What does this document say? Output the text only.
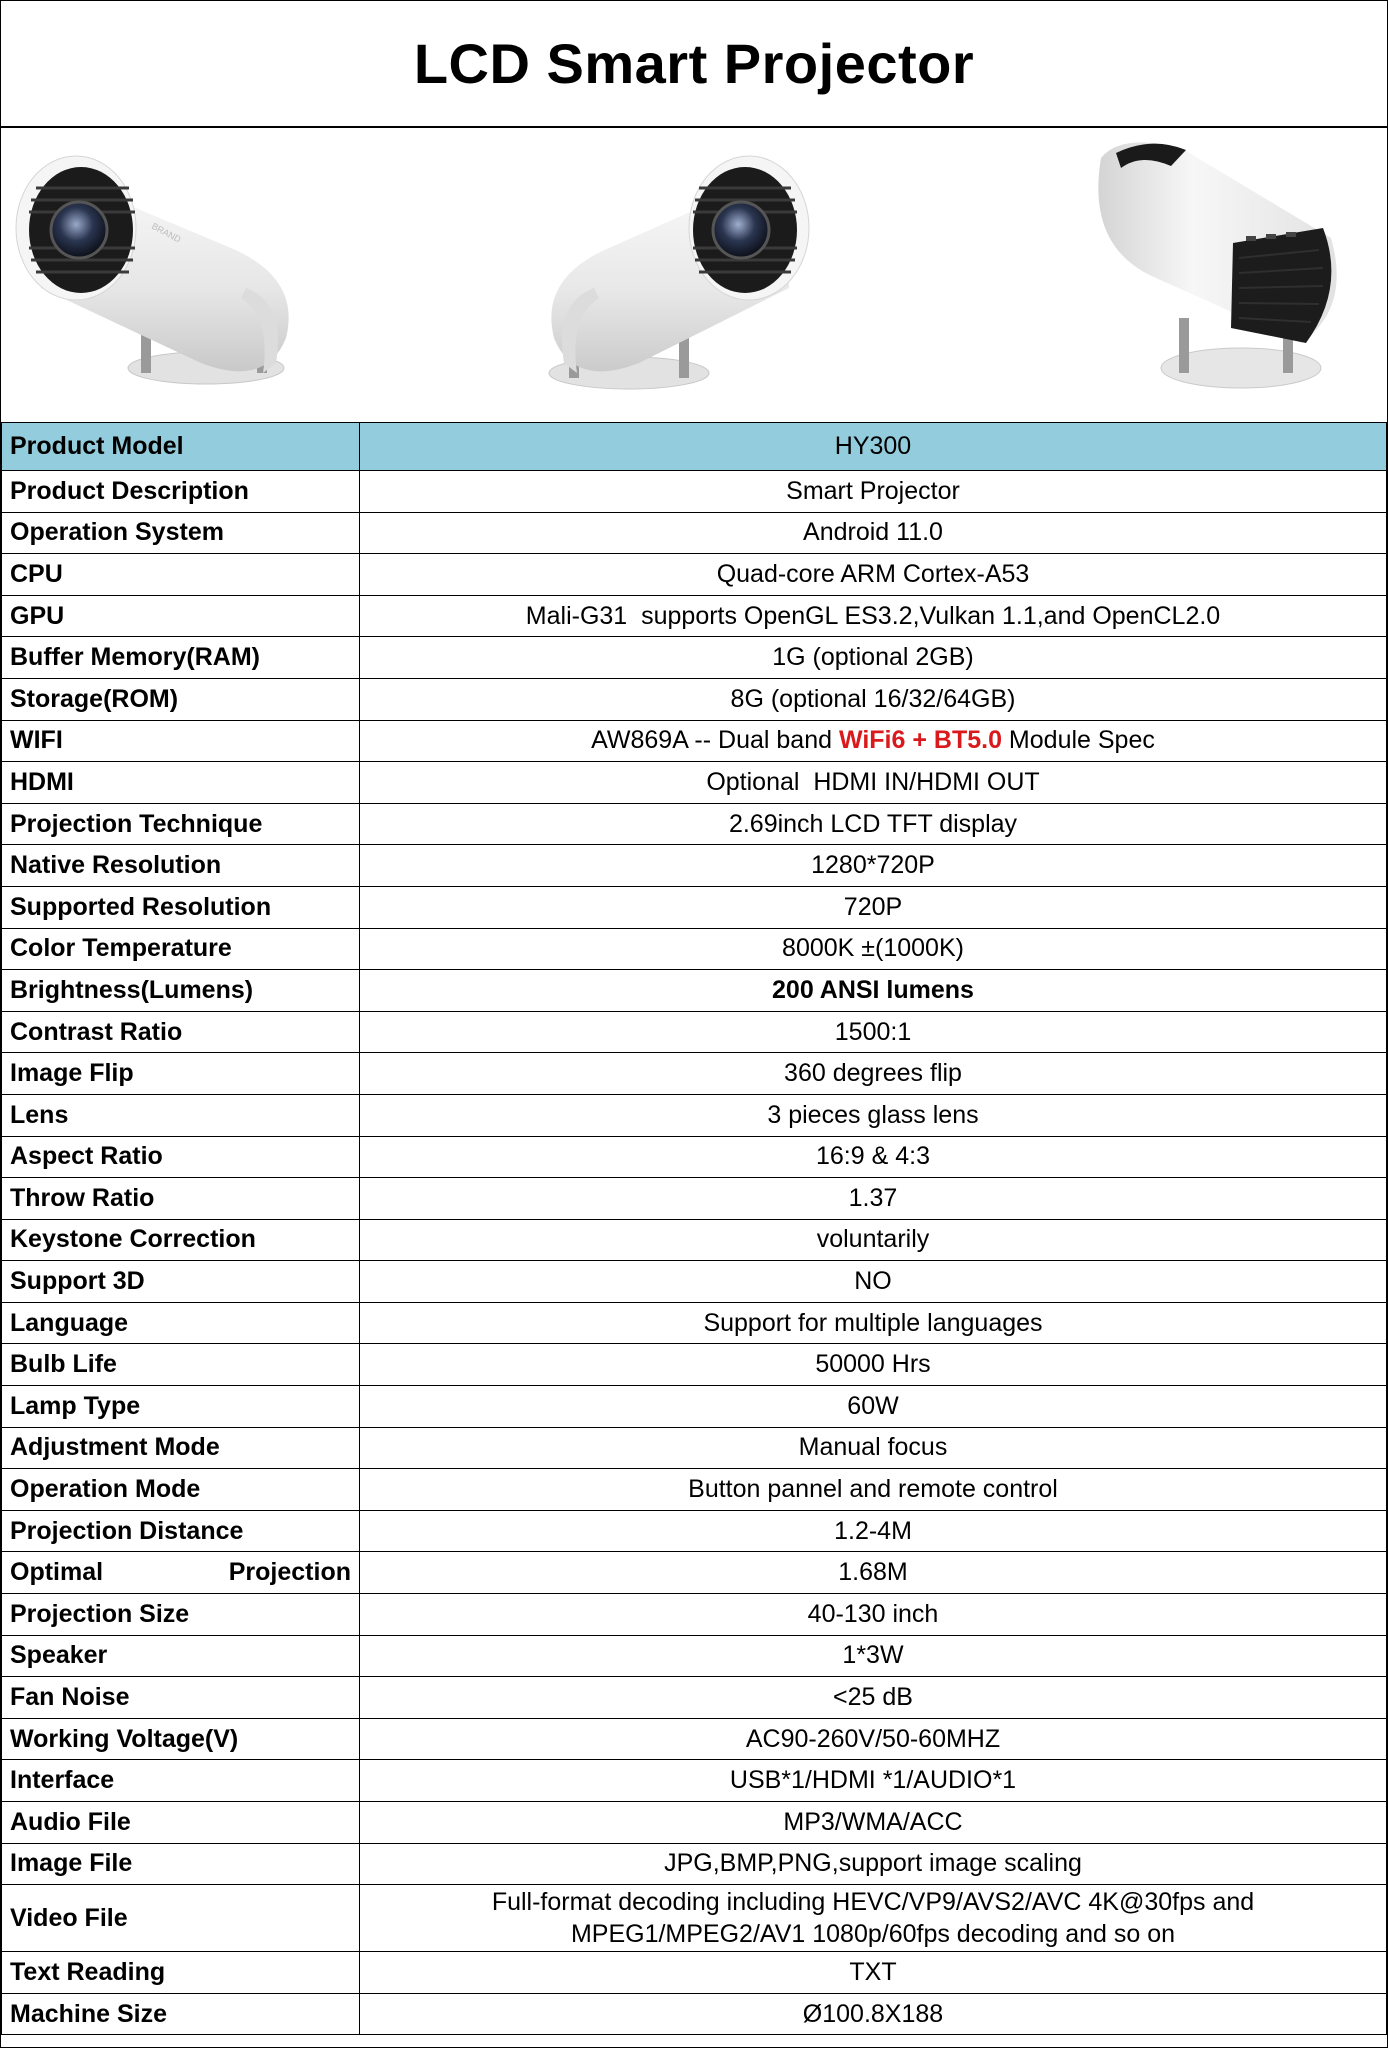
LCD Smart Projector
BRAND
Product Model	HY300
Product Description	Smart Projector
Operation System	Android 11.0
CPU	Quad-core ARM Cortex-A53
GPU	Mali-G31  supports OpenGL ES3.2,Vulkan 1.1,and OpenCL2.0
Buffer Memory(RAM)	1G (optional 2GB)
Storage(ROM)	8G (optional 16/32/64GB)
WIFI	AW869A -- Dual band WiFi6 + BT5.0 Module Spec
HDMI	Optional  HDMI IN/HDMI OUT
Projection Technique	2.69inch LCD TFT display
Native Resolution	1280*720P
Supported Resolution	720P
Color Temperature	8000K ±(1000K)
Brightness(Lumens)	200 ANSI lumens
Contrast Ratio	1500:1
Image Flip	360 degrees flip
Lens	3 pieces glass lens
Aspect Ratio	16:9 & 4:3
Throw Ratio	1.37
Keystone Correction	voluntarily
Support 3D	NO
Language	Support for multiple languages
Bulb Life	50000 Hrs
Lamp Type	60W
Adjustment Mode	Manual focus
Operation Mode	Button pannel and remote control
Projection Distance	1.2-4M

Optimal Projection	1.68M
Projection Size	40-130 inch
Speaker	1*3W
Fan Noise	<25 dB
Working Voltage(V)	AC90-260V/50-60MHZ
Interface	USB*1/HDMI *1/AUDIO*1
Audio File	MP3/WMA/ACC
Image File	JPG,BMP,PNG,support image scaling
Video File	Full-format decoding including HEVC/VP9/AVS2/AVC 4K@30fps and
MPEG1/MPEG2/AV1 1080p/60fps decoding and so on

Text Reading	TXT
Machine Size	Ø100.8X188
